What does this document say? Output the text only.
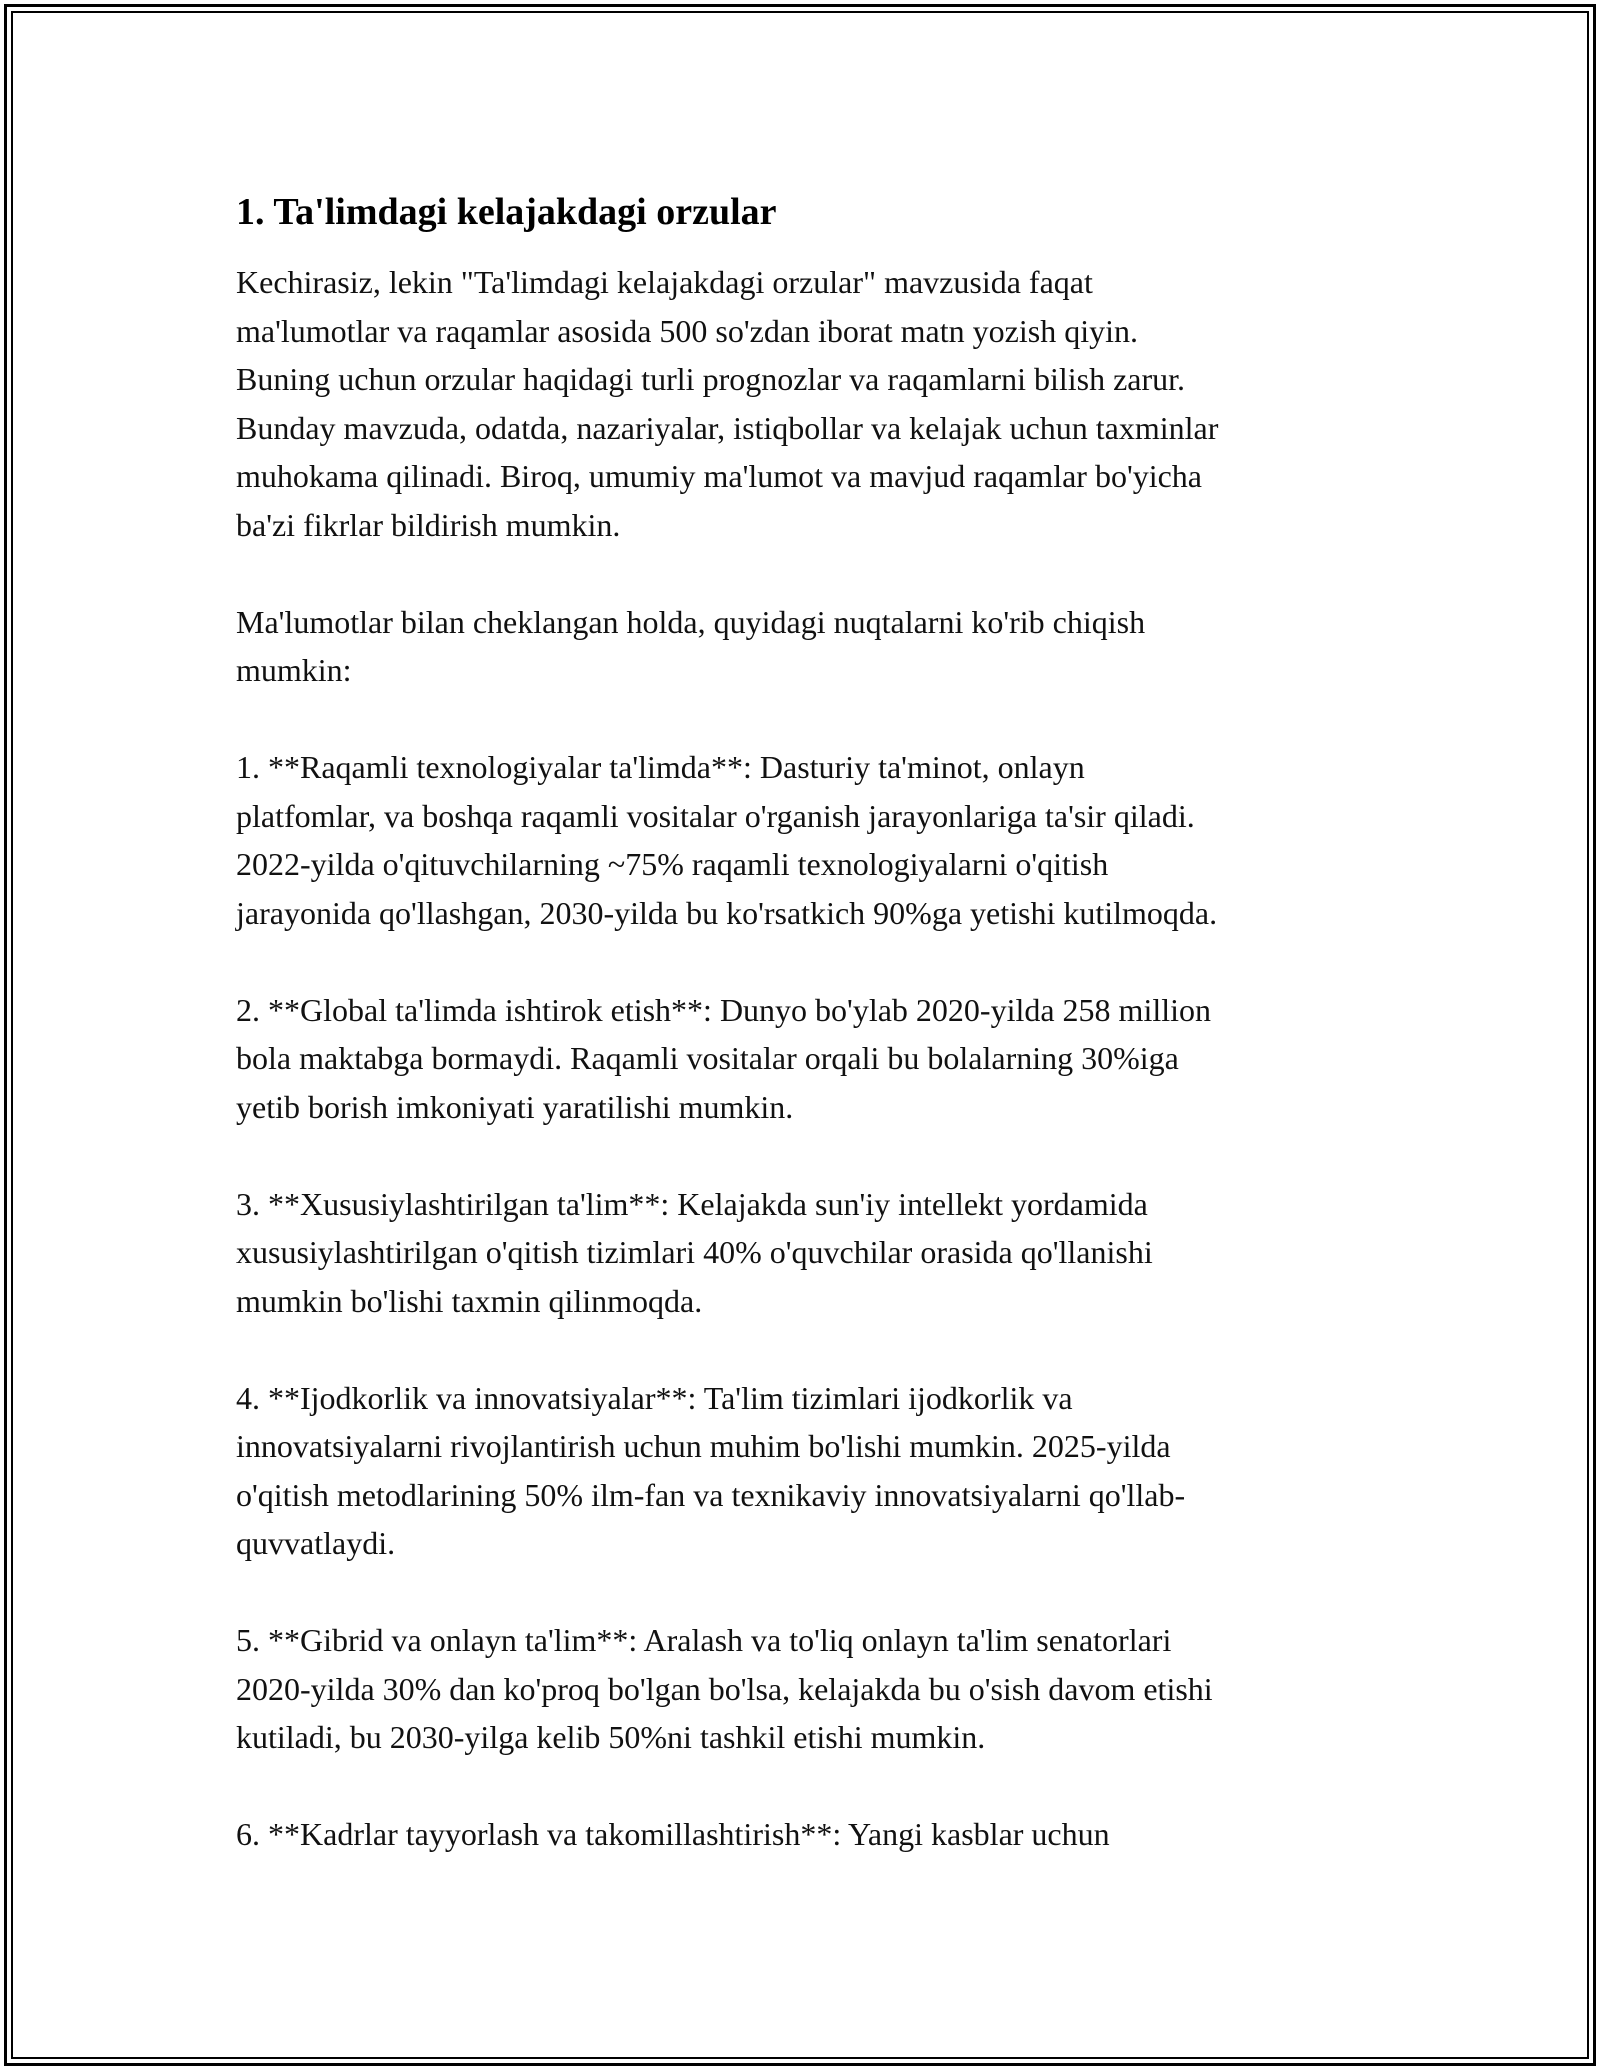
1. Ta'limdagi kelajakdagi orzular
Kechirasiz, lekin "Ta'limdagi kelajakdagi orzular" mavzusida faqat
ma'lumotlar va raqamlar asosida 500 so'zdan iborat matn yozish qiyin.
Buning uchun orzular haqidagi turli prognozlar va raqamlarni bilish zarur.
Bunday mavzuda, odatda, nazariyalar, istiqbollar va kelajak uchun taxminlar
muhokama qilinadi. Biroq, umumiy ma'lumot va mavjud raqamlar bo'yicha
ba'zi fikrlar bildirish mumkin.
Ma'lumotlar bilan cheklangan holda, quyidagi nuqtalarni ko'rib chiqish
mumkin:
1. **Raqamli texnologiyalar ta'limda**: Dasturiy ta'minot, onlayn
platfomlar, va boshqa raqamli vositalar o'rganish jarayonlariga ta'sir qiladi.
2022-yilda o'qituvchilarning ~75% raqamli texnologiyalarni o'qitish
jarayonida qo'llashgan, 2030-yilda bu ko'rsatkich 90%ga yetishi kutilmoqda.
2. **Global ta'limda ishtirok etish**: Dunyo bo'ylab 2020-yilda 258 million
bola maktabga bormaydi. Raqamli vositalar orqali bu bolalarning 30%iga
yetib borish imkoniyati yaratilishi mumkin.
3. **Xususiylashtirilgan ta'lim**: Kelajakda sun'iy intellekt yordamida
xususiylashtirilgan o'qitish tizimlari 40% o'quvchilar orasida qo'llanishi
mumkin bo'lishi taxmin qilinmoqda.
4. **Ijodkorlik va innovatsiyalar**: Ta'lim tizimlari ijodkorlik va
innovatsiyalarni rivojlantirish uchun muhim bo'lishi mumkin. 2025-yilda
o'qitish metodlarining 50% ilm-fan va texnikaviy innovatsiyalarni qo'llab-
quvvatlaydi.
5. **Gibrid va onlayn ta'lim**: Aralash va to'liq onlayn ta'lim senatorlari
2020-yilda 30% dan ko'proq bo'lgan bo'lsa, kelajakda bu o'sish davom etishi
kutiladi, bu 2030-yilga kelib 50%ni tashkil etishi mumkin.
6. **Kadrlar tayyorlash va takomillashtirish**: Yangi kasblar uchun
